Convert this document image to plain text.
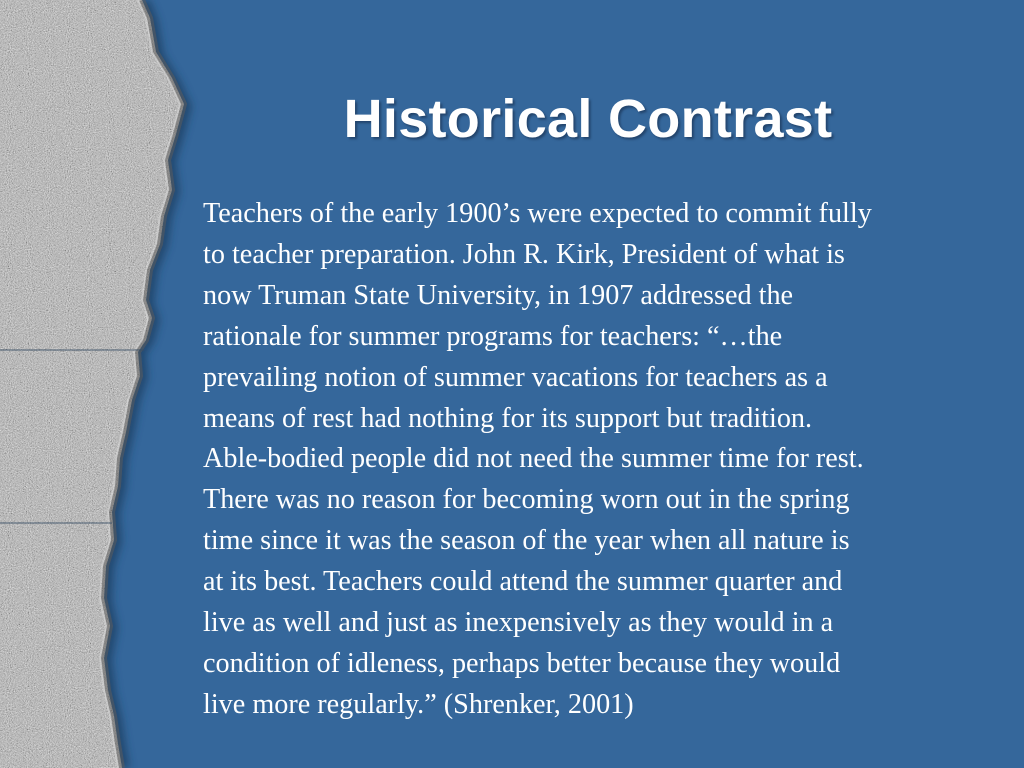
Historical Contrast
Teachers of the early 1900’s were expected to commit fully
to teacher preparation. John R. Kirk, President of what is
now Truman State University, in 1907 addressed the
rationale for summer programs for teachers: “…the
prevailing notion of summer vacations for teachers as a
means of rest had nothing for its support but tradition.
Able-bodied people did not need the summer time for rest.
There was no reason for becoming worn out in the spring
time since it was the season of the year when all nature is
at its best. Teachers could attend the summer quarter and
live as well and just as inexpensively as they would in a
condition of idleness, perhaps better because they would
live more regularly.” (Shrenker, 2001)
